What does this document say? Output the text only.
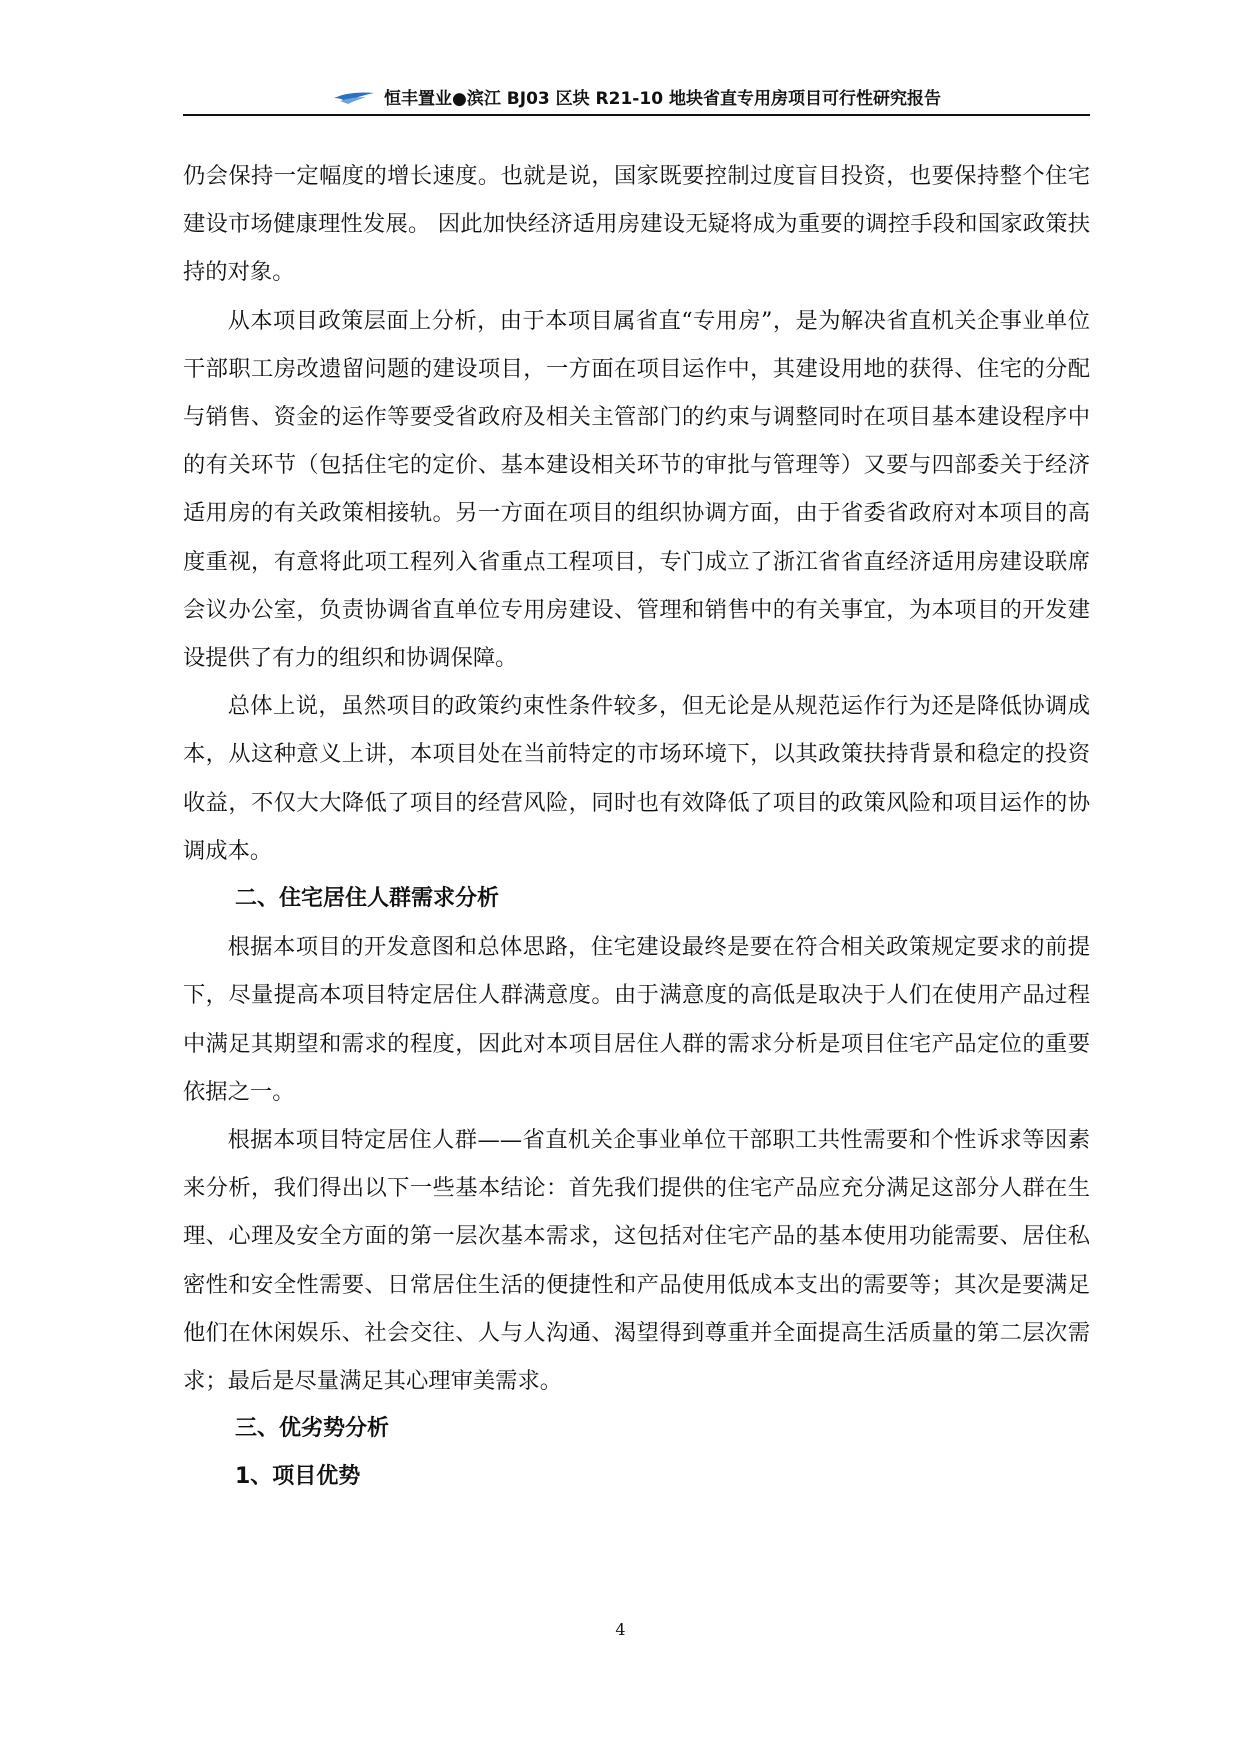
恒丰置业●滨江 BJ03 区块 R21-10 地块省直专用房项目可行性研究报告

仍会保持一定幅度的增长速度。也就是说，国家既要控制过度盲目投资，也要保持整个住宅建设市场健康理性发展。 因此加快经济适用房建设无疑将成为重要的调控手段和国家政策扶持的对象。

从本项目政策层面上分析，由于本项目属省直“专用房”，是为解决省直机关企事业单位干部职工房改遗留问题的建设项目，一方面在项目运作中，其建设用地的获得、住宅的分配与销售、资金的运作等要受省政府及相关主管部门的约束与调整同时在项目基本建设程序中的有关环节（包括住宅的定价、基本建设相关环节的审批与管理等）又要与四部委关于经济适用房的有关政策相接轨。另一方面在项目的组织协调方面，由于省委省政府对本项目的高度重视，有意将此项工程列入省重点工程项目，专门成立了浙江省省直经济适用房建设联席会议办公室，负责协调省直单位专用房建设、管理和销售中的有关事宜，为本项目的开发建设提供了有力的组织和协调保障。

总体上说，虽然项目的政策约束性条件较多，但无论是从规范运作行为还是降低协调成本，从这种意义上讲，本项目处在当前特定的市场环境下，以其政策扶持背景和稳定的投资收益，不仅大大降低了项目的经营风险，同时也有效降低了项目的政策风险和项目运作的协调成本。

二、住宅居住人群需求分析

根据本项目的开发意图和总体思路，住宅建设最终是要在符合相关政策规定要求的前提下，尽量提高本项目特定居住人群满意度。由于满意度的高低是取决于人们在使用产品过程中满足其期望和需求的程度，因此对本项目居住人群的需求分析是项目住宅产品定位的重要依据之一。

根据本项目特定居住人群——省直机关企事业单位干部职工共性需要和个性诉求等因素来分析，我们得出以下一些基本结论：首先我们提供的住宅产品应充分满足这部分人群在生理、心理及安全方面的第一层次基本需求，这包括对住宅产品的基本使用功能需要、居住私密性和安全性需要、日常居住生活的便捷性和产品使用低成本支出的需要等；其次是要满足他们在休闲娱乐、社会交往、人与人沟通、渴望得到尊重并全面提高生活质量的第二层次需求；最后是尽量满足其心理审美需求。

三、优劣势分析

1、项目优势

4
